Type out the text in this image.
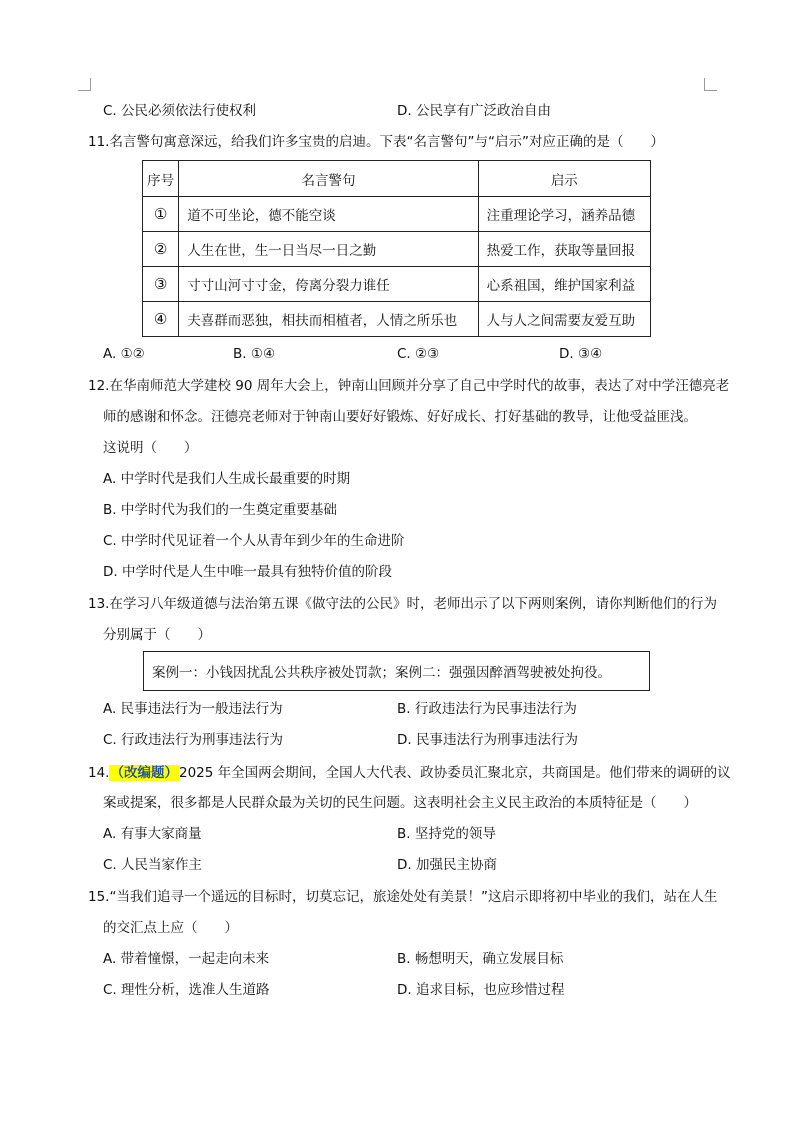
C. 公民必须依法行使权利	D. 公民享有广泛政治自由
11.名言警句寓意深远，给我们许多宝贵的启迪。下表“名言警句”与“启示”对应正确的是（　　）
序号	名言警句	启示
①	道不可坐论，德不能空谈	注重理论学习，涵养品德
②	人生在世，生一日当尽一日之勤	热爱工作，获取等量回报
③	寸寸山河寸寸金，侉离分裂力谁任	心系祖国，维护国家利益
④	夫喜群而恶独，相扶而相植者，人情之所乐也	人与人之间需要友爱互助
A. ①②	B. ①④	C. ②③	D. ③④
12.在华南师范大学建校 90 周年大会上，钟南山回顾并分享了自己中学时代的故事，表达了对中学汪德亮老
师的感谢和怀念。汪德亮老师对于钟南山要好好锻炼、好好成长、打好基础的教导，让他受益匪浅。
这说明（　　）
A. 中学时代是我们人生成长最重要的时期
B. 中学时代为我们的一生奠定重要基础
C. 中学时代见证着一个人从青年到少年的生命进阶
D. 中学时代是人生中唯一最具有独特价值的阶段
13.在学习八年级道德与法治第五课《做守法的公民》时，老师出示了以下两则案例，请你判断他们的行为
分别属于（　　）
案例一：小钱因扰乱公共秩序被处罚款；案例二：强强因醉酒驾驶被处拘役。
A. 民事违法行为一般违法行为	B. 行政违法行为民事违法行为
C. 行政违法行为刑事违法行为	D. 民事违法行为刑事违法行为
14.（改编题）2025 年全国两会期间，全国人大代表、政协委员汇聚北京，共商国是。他们带来的调研的议
案或提案，很多都是人民群众最为关切的民生问题。这表明社会主义民主政治的本质特征是（　　）
A. 有事大家商量	B. 坚持党的领导
C. 人民当家作主	D. 加强民主协商
15.“当我们追寻一个遥远的目标时，切莫忘记，旅途处处有美景！”这启示即将初中毕业的我们，站在人生
的交汇点上应（　　）
A. 带着憧憬，一起走向未来	B. 畅想明天，确立发展目标
C. 理性分析，选准人生道路	D. 追求目标，也应珍惜过程
